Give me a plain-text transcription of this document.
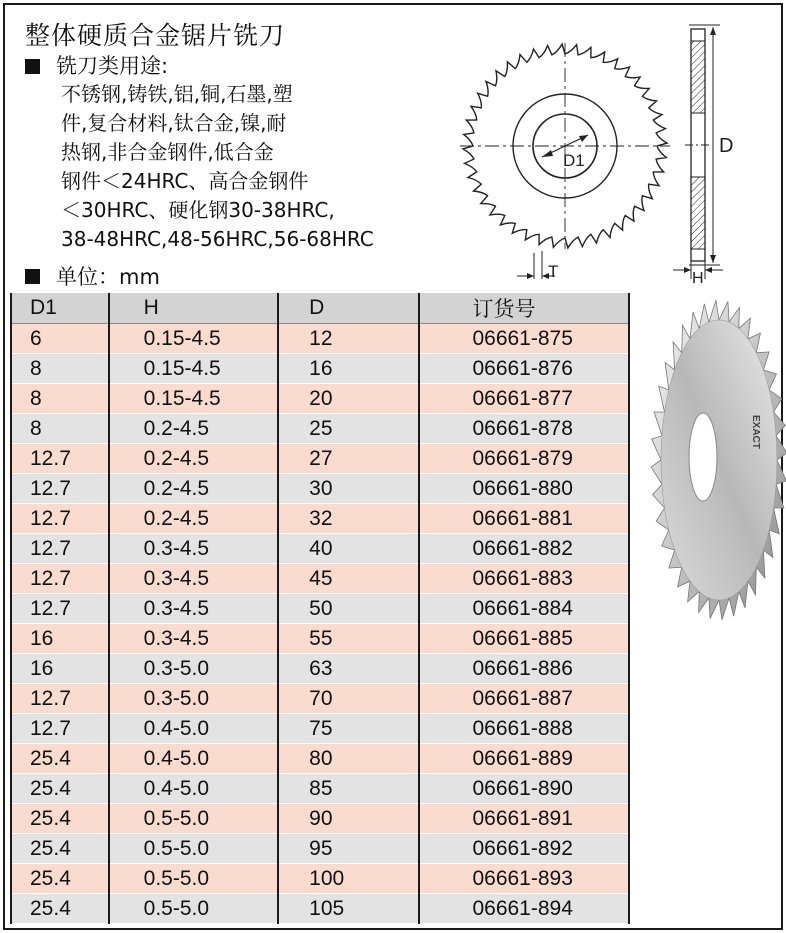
整体硬质合金锯片铣刀
铣刀类用途:
不锈钢,铸铁,铝,铜,石墨,塑
件,复合材料,钛合金,镍,耐
热钢,非合金钢件,低合金
钢件＜24HRC、高合金钢件
＜30HRC、硬化钢30-38HRC,
38-48HRC,48-56HRC,56-68HRC
单位：mm
D1
T
D
H
EXACT
D1	H	D	订货号
6	0.15-4.5	12	06661-875
8	0.15-4.5	16	06661-876
8	0.15-4.5	20	06661-877
8	0.2-4.5	25	06661-878
12.7	0.2-4.5	27	06661-879
12.7	0.2-4.5	30	06661-880
12.7	0.2-4.5	32	06661-881
12.7	0.3-4.5	40	06661-882
12.7	0.3-4.5	45	06661-883
12.7	0.3-4.5	50	06661-884
16	0.3-4.5	55	06661-885
16	0.3-5.0	63	06661-886
12.7	0.3-5.0	70	06661-887
12.7	0.4-5.0	75	06661-888
25.4	0.4-5.0	80	06661-889
25.4	0.4-5.0	85	06661-890
25.4	0.5-5.0	90	06661-891
25.4	0.5-5.0	95	06661-892
25.4	0.5-5.0	100	06661-893
25.4	0.5-5.0	105	06661-894
